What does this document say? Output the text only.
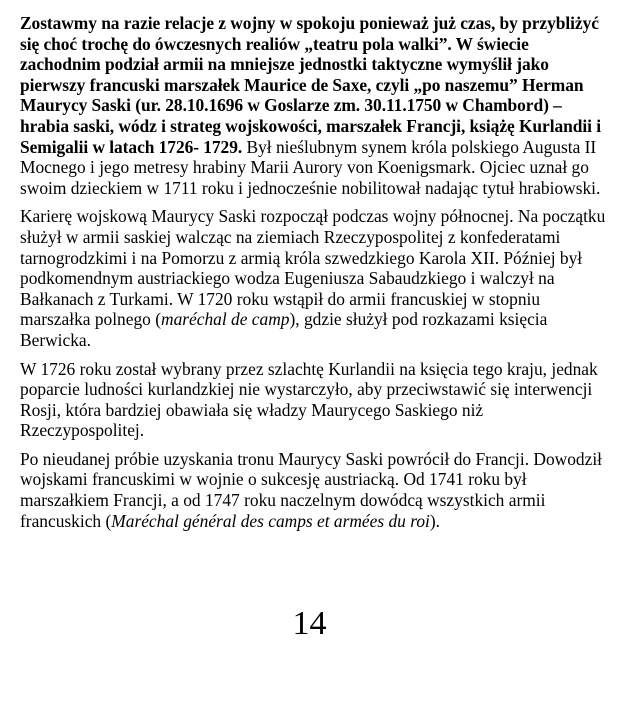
Zostawmy na razie relacje z wojny w spokoju ponieważ już czas, by przybliżyć się choć trochę do ówczesnych realiów „teatru pola walki”. W świecie zachodnim podział armii na mniejsze jednostki taktyczne wymyślił jako pierwszy francuski marszałek Maurice de Saxe, czyli „po naszemu” Herman Maurycy Saski (ur. 28.10.1696 w Goslarze zm. 30.11.1750 w Chambord) – hrabia saski, wódz i strateg wojskowości, marszałek Francji, książę Kurlandii i Semigalii w latach 1726- 1729. Był nieślubnym synem króla polskiego Augusta II Mocnego i jego metresy hrabiny Marii Aurory von Koenigsmark. Ojciec uznał go swoim dzieckiem w 1711 roku i jednocześnie nobilitował nadając tytuł hrabiowski.

Karierę wojskową Maurycy Saski rozpoczął podczas wojny północnej. Na początku służył w armii saskiej walcząc na ziemiach Rzeczypospolitej z konfederatami tarnogrodzkimi i na Pomorzu z armią króla szwedzkiego Karola XII. Później był podkomendnym austriackiego wodza Eugeniusza Sabaudzkiego i walczył na Bałkanach z Turkami. W 1720 roku wstąpił do armii francuskiej w stopniu marszałka polnego (maréchal de camp), gdzie służył pod rozkazami księcia Berwicka.

W 1726 roku został wybrany przez szlachtę Kurlandii na księcia tego kraju, jednak poparcie ludności kurlandzkiej nie wystarczyło, aby przeciwstawić się interwencji Rosji, która bardziej obawiała się władzy Maurycego Saskiego niż Rzeczypospolitej.

Po nieudanej próbie uzyskania tronu Maurycy Saski powrócił do Francji. Dowodził wojskami francuskimi w wojnie o sukcesję austriacką. Od 1741 roku był marszałkiem Francji, a od 1747 roku naczelnym dowódcą wszystkich armii francuskich (Maréchal général des camps et armées du roi).

14
